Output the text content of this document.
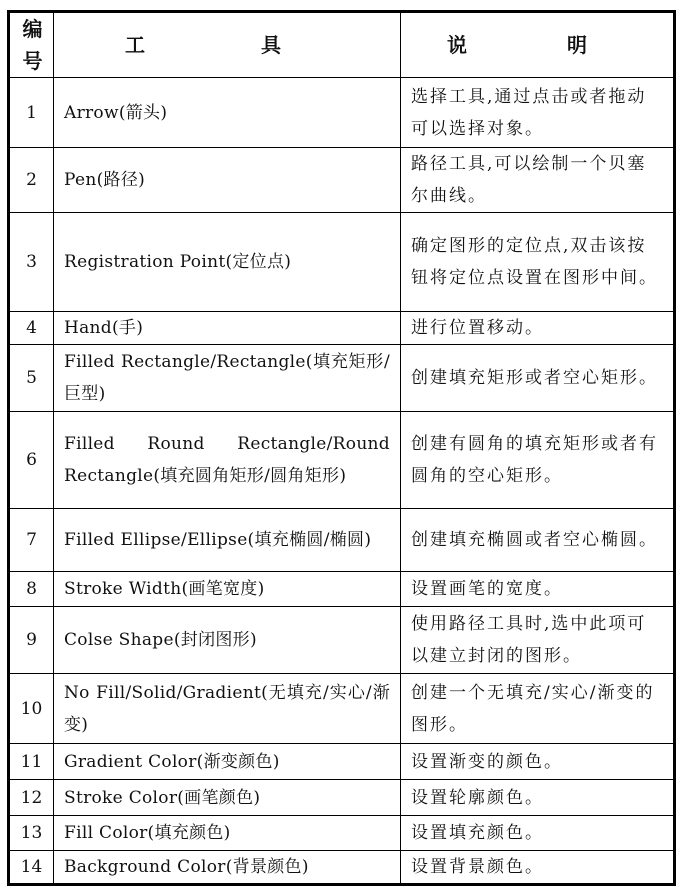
编号	工　具	说　明
1	Arrow(箭头)	选择工具,通过点击或者拖动可以选择对象。
2	Pen(路径)	路径工具,可以绘制一个贝塞尔曲线。
3	Registration Point(定位点)	确定图形的定位点,双击该按钮将定位点设置在图形中间。
4	Hand(手)	进行位置移动。
5	Filled Rectangle/Rectangle(填充矩形/巨型)	创建填充矩形或者空心矩形。
6	Filled Round Rectangle/Round Rectangle(填充圆角矩形/圆角矩形)	创建有圆角的填充矩形或者有圆角的空心矩形。
7	Filled Ellipse/Ellipse(填充椭圆/椭圆)	创建填充椭圆或者空心椭圆。
8	Stroke Width(画笔宽度)	设置画笔的宽度。
9	Colse Shape(封闭图形)	使用路径工具时,选中此项可以建立封闭的图形。
10	No Fill/Solid/Gradient(无填充/实心/渐变)	创建一个无填充/实心/渐变的图形。
11	Gradient Color(渐变颜色)	设置渐变的颜色。
12	Stroke Color(画笔颜色)	设置轮廓颜色。
13	Fill Color(填充颜色)	设置填充颜色。
14	Background Color(背景颜色)	设置背景颜色。
